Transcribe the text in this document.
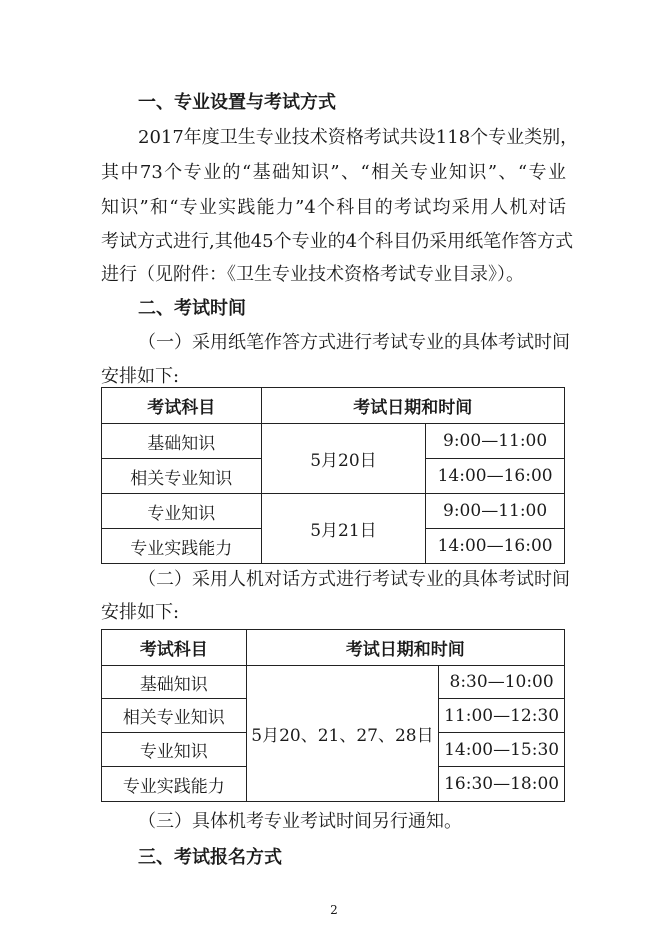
一、专业设置与考试方式
2017年度卫生专业技术资格考试共设118个专业类别，
其中73个专业的“基础知识”、“相关专业知识”、“专业
知识”和“专业实践能力”4个科目的考试均采用人机对话
考试方式进行,其他45个专业的4个科目仍采用纸笔作答方式
进行（见附件：《卫生专业技术资格考试专业目录》）。
二、考试时间
（一）采用纸笔作答方式进行考试专业的具体考试时间
安排如下:
考试科目	考试日期和时间	
基础知识	5月20日	9:00—11:00
相关专业知识		14:00—16:00
专业知识	5月21日	9:00—11:00
专业实践能力		14:00—16:00
（二）采用人机对话方式进行考试专业的具体考试时间
安排如下:
考试科目	考试日期和时间	
基础知识	5月20、21、27、28日	8:30—10:00
相关专业知识		11:00—12:30
专业知识		14:00—15:30
专业实践能力		16:30—18:00
（三）具体机考专业考试时间另行通知。
三、考试报名方式
2
